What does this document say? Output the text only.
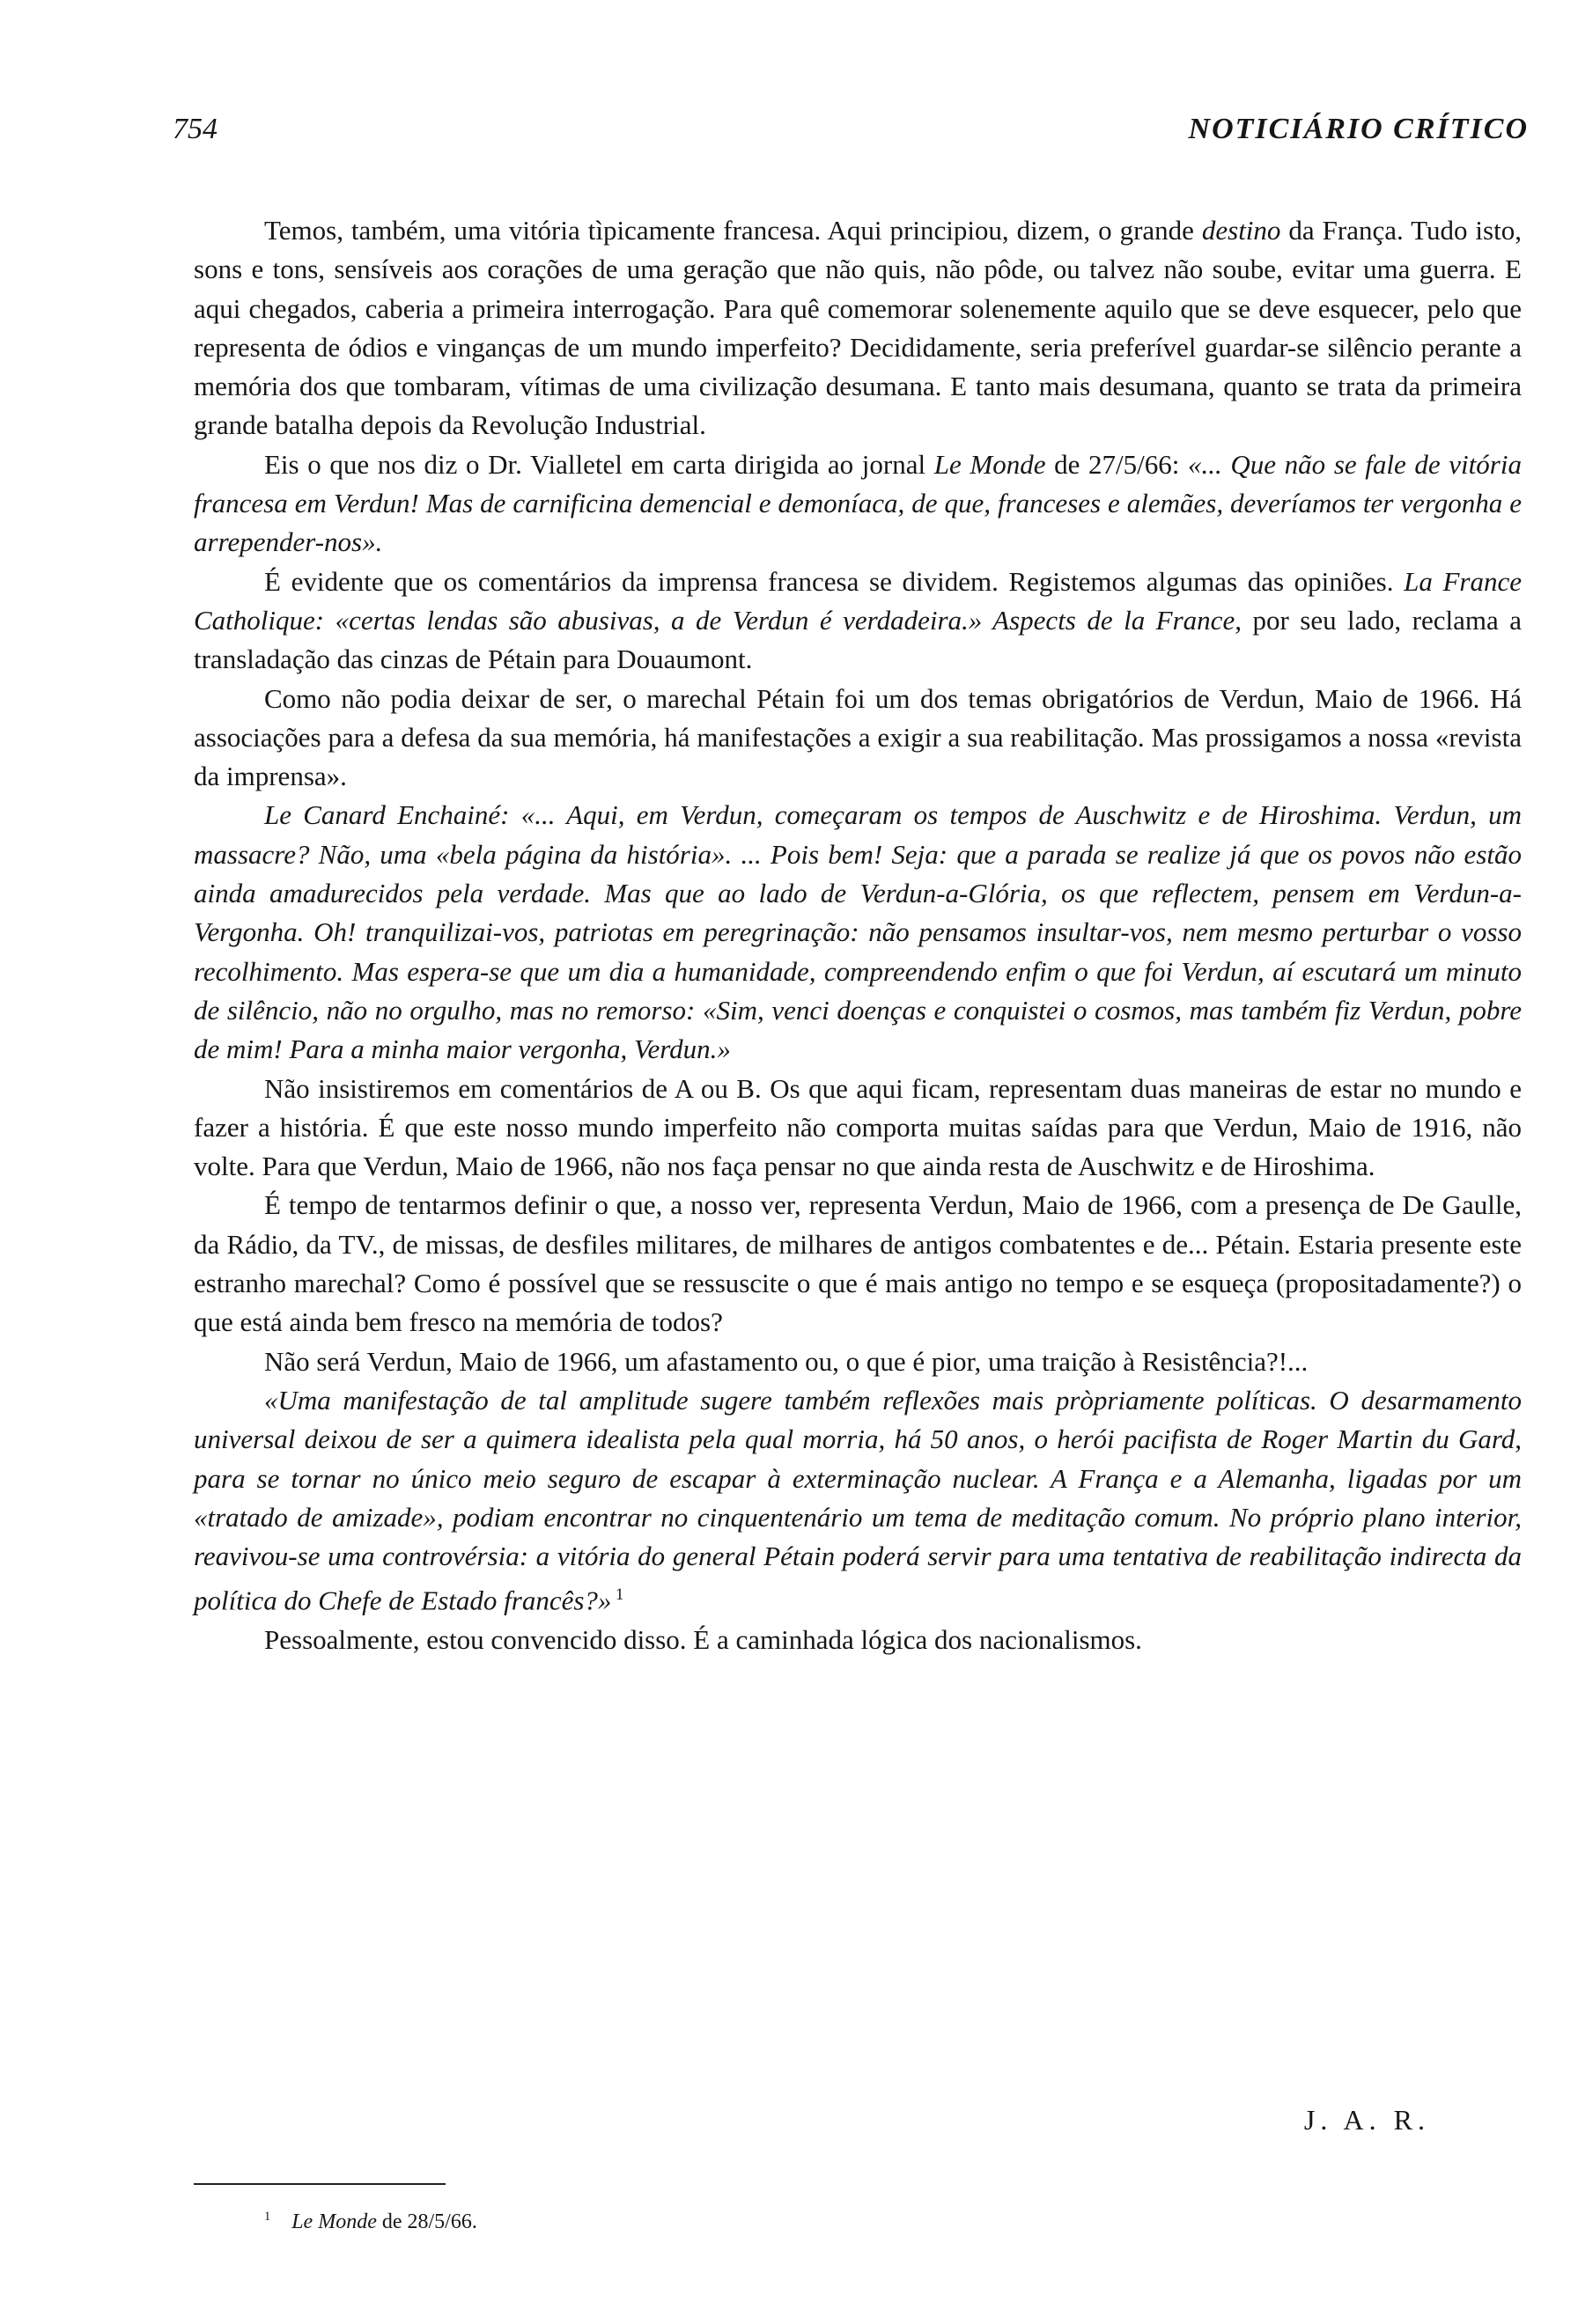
754	NOTICIÁRIO CRÍTICO

Temos, também, uma vitória tìpicamente francesa. Aqui principiou, dizem, o grande destino da França. Tudo isto, sons e tons, sensíveis aos corações de uma geração que não quis, não pôde, ou talvez não soube, evitar uma guerra. E aqui chegados, caberia a primeira interrogação. Para quê comemorar solenemente aquilo que se deve esquecer, pelo que representa de ódios e vinganças de um mundo imperfeito? Decididamente, seria preferível guardar-se silêncio perante a memória dos que tombaram, vítimas de uma civilização desumana. E tanto mais desumana, quanto se trata da primeira grande batalha depois da Revolução Industrial.

Eis o que nos diz o Dr. Vialletel em carta dirigida ao jornal Le Monde de 27/5/66: «... Que não se fale de vitória francesa em Verdun! Mas de carnificina demencial e demoníaca, de que, franceses e alemães, deveríamos ter vergonha e arrepender-nos».

É evidente que os comentários da imprensa francesa se dividem. Registemos algumas das opiniões. La France Catholique: «certas lendas são abusivas, a de Verdun é verdadeira.» Aspects de la France, por seu lado, reclama a transladação das cinzas de Pétain para Douaumont.

Como não podia deixar de ser, o marechal Pétain foi um dos temas obrigatórios de Verdun, Maio de 1966. Há associações para a defesa da sua memória, há manifestações a exigir a sua reabilitação. Mas prossigamos a nossa «revista da imprensa».

Le Canard Enchainé: «... Aqui, em Verdun, começaram os tempos de Auschwitz e de Hiroshima. Verdun, um massacre? Não, uma «bela página da história». ... Pois bem! Seja: que a parada se realize já que os povos não estão ainda amadurecidos pela verdade. Mas que ao lado de Verdun-a-Glória, os que reflectem, pensem em Verdun-a-Vergonha. Oh! tranquilizai-vos, patriotas em peregrinação: não pensamos insultar-vos, nem mesmo perturbar o vosso recolhimento. Mas espera-se que um dia a humanidade, compreendendo enfim o que foi Verdun, aí escutará um minuto de silêncio, não no orgulho, mas no remorso: «Sim, venci doenças e conquistei o cosmos, mas também fiz Verdun, pobre de mim! Para a minha maior vergonha, Verdun.»

Não insistiremos em comentários de A ou B. Os que aqui ficam, representam duas maneiras de estar no mundo e fazer a história. É que este nosso mundo imperfeito não comporta muitas saídas para que Verdun, Maio de 1916, não volte. Para que Verdun, Maio de 1966, não nos faça pensar no que ainda resta de Auschwitz e de Hiroshima.

É tempo de tentarmos definir o que, a nosso ver, representa Verdun, Maio de 1966, com a presença de De Gaulle, da Rádio, da TV., de missas, de desfiles militares, de milhares de antigos combatentes e de... Pétain. Estaria presente este estranho marechal? Como é possível que se ressuscite o que é mais antigo no tempo e se esqueça (propositadamente?) o que está ainda bem fresco na memória de todos?

Não será Verdun, Maio de 1966, um afastamento ou, o que é pior, uma traição à Resistência?!...

«Uma manifestação de tal amplitude sugere também reflexões mais pròpriamente políticas. O desarmamento universal deixou de ser a quimera idealista pela qual morria, há 50 anos, o herói pacifista de Roger Martin du Gard, para se tornar no único meio seguro de escapar à exterminação nuclear. A França e a Alemanha, ligadas por um «tratado de amizade», podiam encontrar no cinquentenário um tema de meditação comum. No próprio plano interior, reavivou-se uma controvérsia: a vitória do general Pétain poderá servir para uma tentativa de reabilitação indirecta da política do Chefe de Estado francês?» $^1$

Pessoalmente, estou convencido disso. É a caminhada lógica dos nacionalismos.

J. A. R.
$^1$ Le Monde de 28/5/66.
